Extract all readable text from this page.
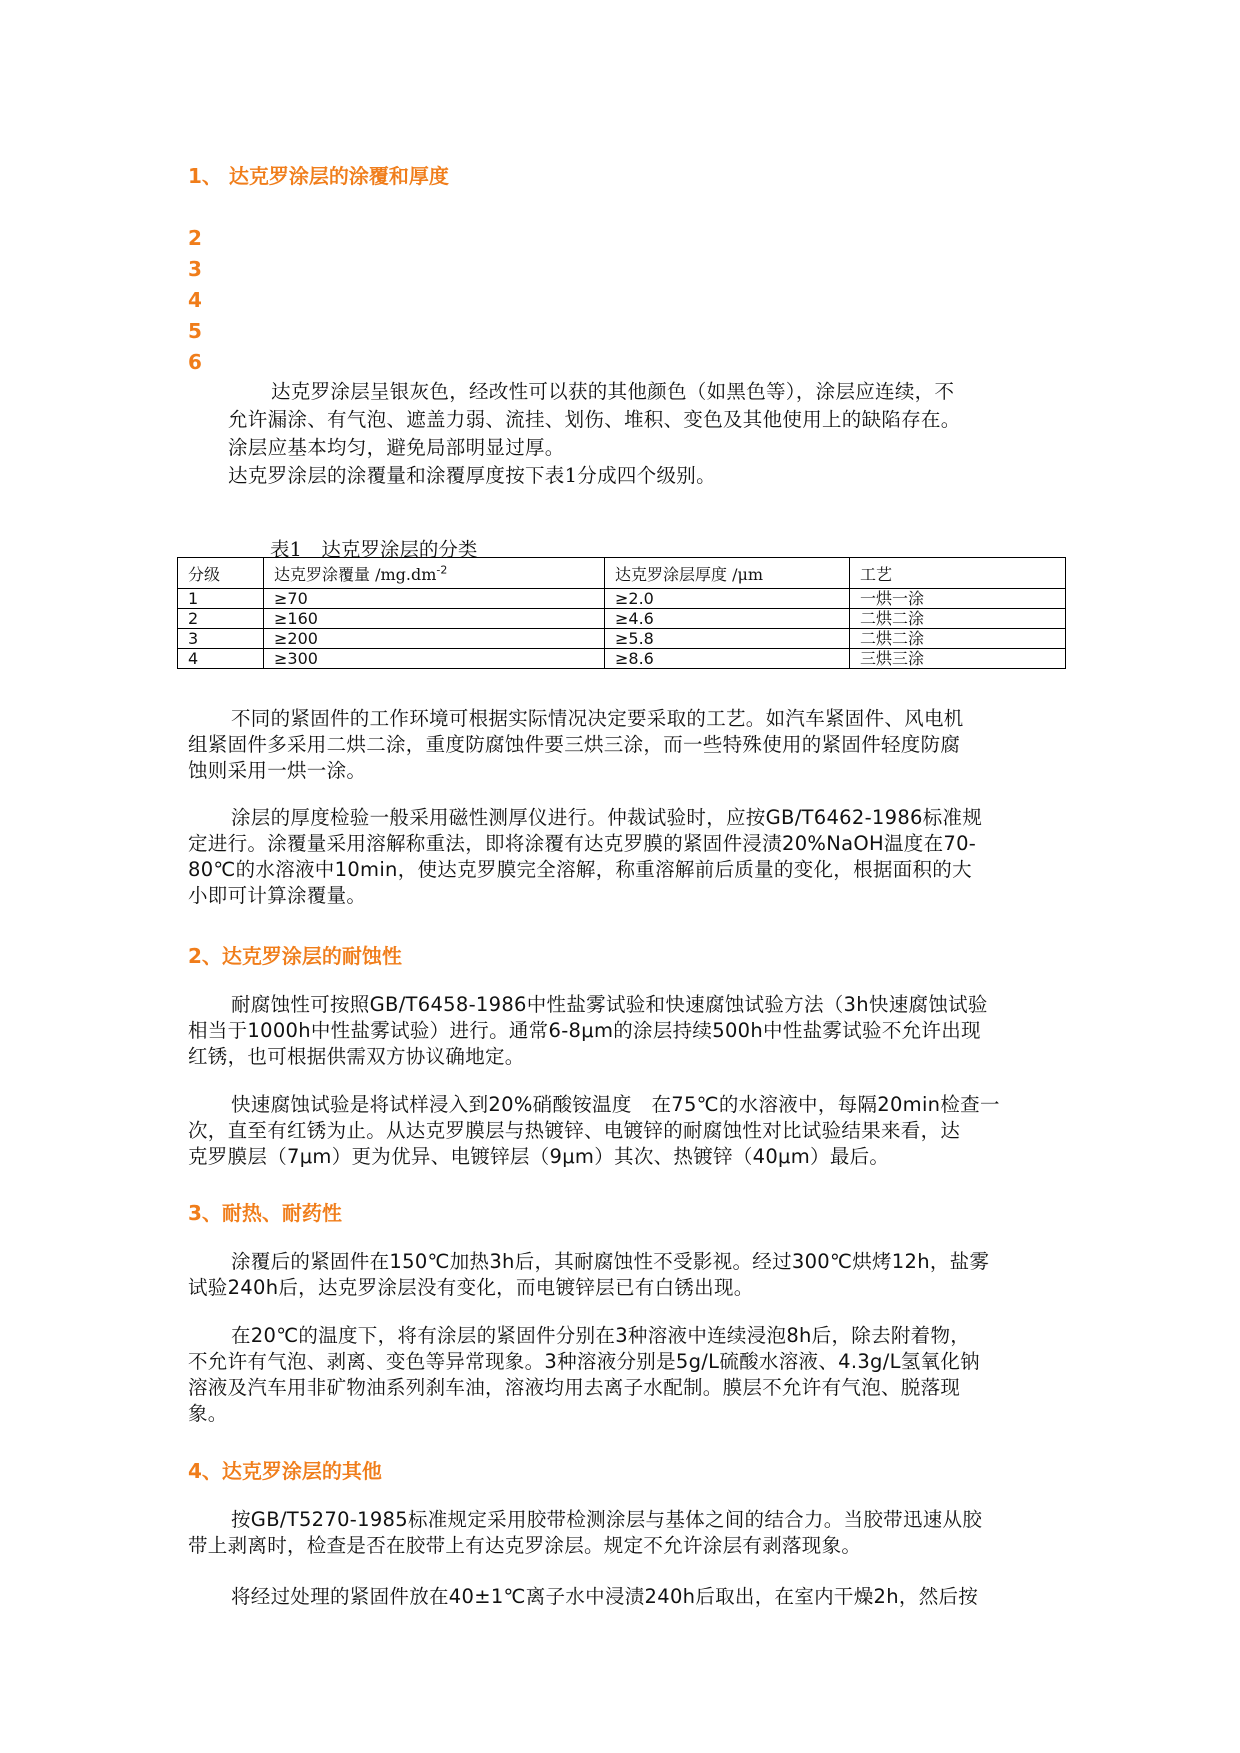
1、 达克罗涂层的涂覆和厚度
2
3
4
5
6
达克罗涂层呈银灰色，经改性可以获的其他颜色（如黑色等），涂层应连续，不
允许漏涂、有气泡、遮盖力弱、流挂、划伤、堆积、变色及其他使用上的缺陷存在。
涂层应基本均匀，避免局部明显过厚。
达克罗涂层的涂覆量和涂覆厚度按下表1分成四个级别。
表1　达克罗涂层的分类
分级	达克罗涂覆量 $/mg.dm^{-2}$	达克罗涂层厚度 /μm	工艺
1	≥70	≥2.0	一烘一涂
2	≥160	≥4.6	二烘二涂
3	≥200	≥5.8	二烘二涂
4	≥300	≥8.6	三烘三涂
不同的紧固件的工作环境可根据实际情况决定要采取的工艺。如汽车紧固件、风电机
组紧固件多采用二烘二涂，重度防腐蚀件要三烘三涂，而一些特殊使用的紧固件轻度防腐
蚀则采用一烘一涂。
涂层的厚度检验一般采用磁性测厚仪进行。仲裁试验时，应按GB/T6462-1986标准规
定进行。涂覆量采用溶解称重法，即将涂覆有达克罗膜的紧固件浸渍20%NaOH温度在70-
80℃的水溶液中10min，使达克罗膜完全溶解，称重溶解前后质量的变化，根据面积的大
小即可计算涂覆量。
2、达克罗涂层的耐蚀性
耐腐蚀性可按照GB/T6458-1986中性盐雾试验和快速腐蚀试验方法（3h快速腐蚀试验
相当于1000h中性盐雾试验）进行。通常6-8μm的涂层持续500h中性盐雾试验不允许出现
红锈，也可根据供需双方协议确地定。
快速腐蚀试验是将试样浸入到20%硝酸铵温度　在75℃的水溶液中，每隔20min检查一
次，直至有红锈为止。从达克罗膜层与热镀锌、电镀锌的耐腐蚀性对比试验结果来看，达
克罗膜层（7μm）更为优异、电镀锌层（9μm）其次、热镀锌（40μm）最后。
3、耐热、耐药性
涂覆后的紧固件在150℃加热3h后，其耐腐蚀性不受影视。经过300℃烘烤12h，盐雾
试验240h后，达克罗涂层没有变化，而电镀锌层已有白锈出现。
在20℃的温度下，将有涂层的紧固件分别在3种溶液中连续浸泡8h后，除去附着物，
不允许有气泡、剥离、变色等异常现象。3种溶液分别是5g/L硫酸水溶液、4.3g/L氢氧化钠
溶液及汽车用非矿物油系列刹车油，溶液均用去离子水配制。膜层不允许有气泡、脱落现
象。
4、达克罗涂层的其他
按GB/T5270-1985标准规定采用胶带检测涂层与基体之间的结合力。当胶带迅速从胶
带上剥离时，检查是否在胶带上有达克罗涂层。规定不允许涂层有剥落现象。
将经过处理的紧固件放在40±1℃离子水中浸渍240h后取出，在室内干燥2h，然后按
